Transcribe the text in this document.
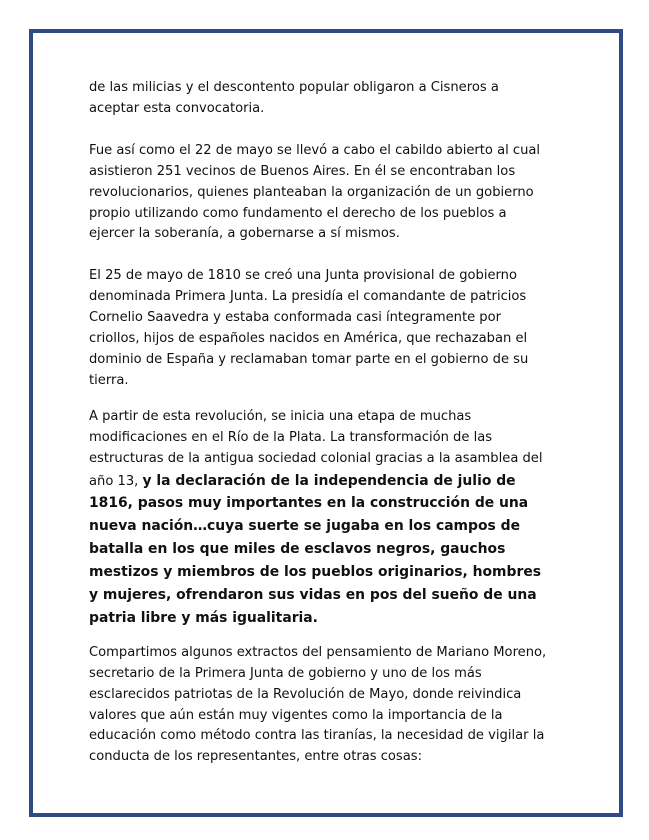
de las milicias y el descontento popular obligaron a Cisneros a aceptar esta convocatoria.

Fue así como el 22 de mayo se llevó a cabo el cabildo abierto al cual asistieron 251 vecinos de Buenos Aires. En él se encontraban los revolucionarios, quienes planteaban la organización de un gobierno propio utilizando como fundamento el derecho de los pueblos a ejercer la soberanía, a gobernarse a sí mismos.

El 25 de mayo de 1810 se creó una Junta provisional de gobierno denominada Primera Junta. La presidía el comandante de patricios Cornelio Saavedra y estaba conformada casi íntegramente por criollos, hijos de españoles nacidos en América, que rechazaban el dominio de España y reclamaban tomar parte en el gobierno de su tierra.

A partir de esta revolución, se inicia una etapa de muchas modificaciones en el Río de la Plata. La transformación de las estructuras de la antigua sociedad colonial gracias a la asamblea del año 13, y la declaración de la independencia de julio de 1816, pasos muy importantes en la construcción de una nueva nación…cuya suerte se jugaba en los campos de batalla en los que miles de esclavos negros, gauchos mestizos y miembros de los pueblos originarios, hombres y mujeres, ofrendaron sus vidas en pos del sueño de una patria libre y más igualitaria.

Compartimos algunos extractos del pensamiento de Mariano Moreno, secretario de la Primera Junta de gobierno y uno de los más esclarecidos patriotas de la Revolución de Mayo, donde reivindica valores que aún están muy vigentes como la importancia de la educación como método contra las tiranías, la necesidad de vigilar la conducta de los representantes, entre otras cosas:
